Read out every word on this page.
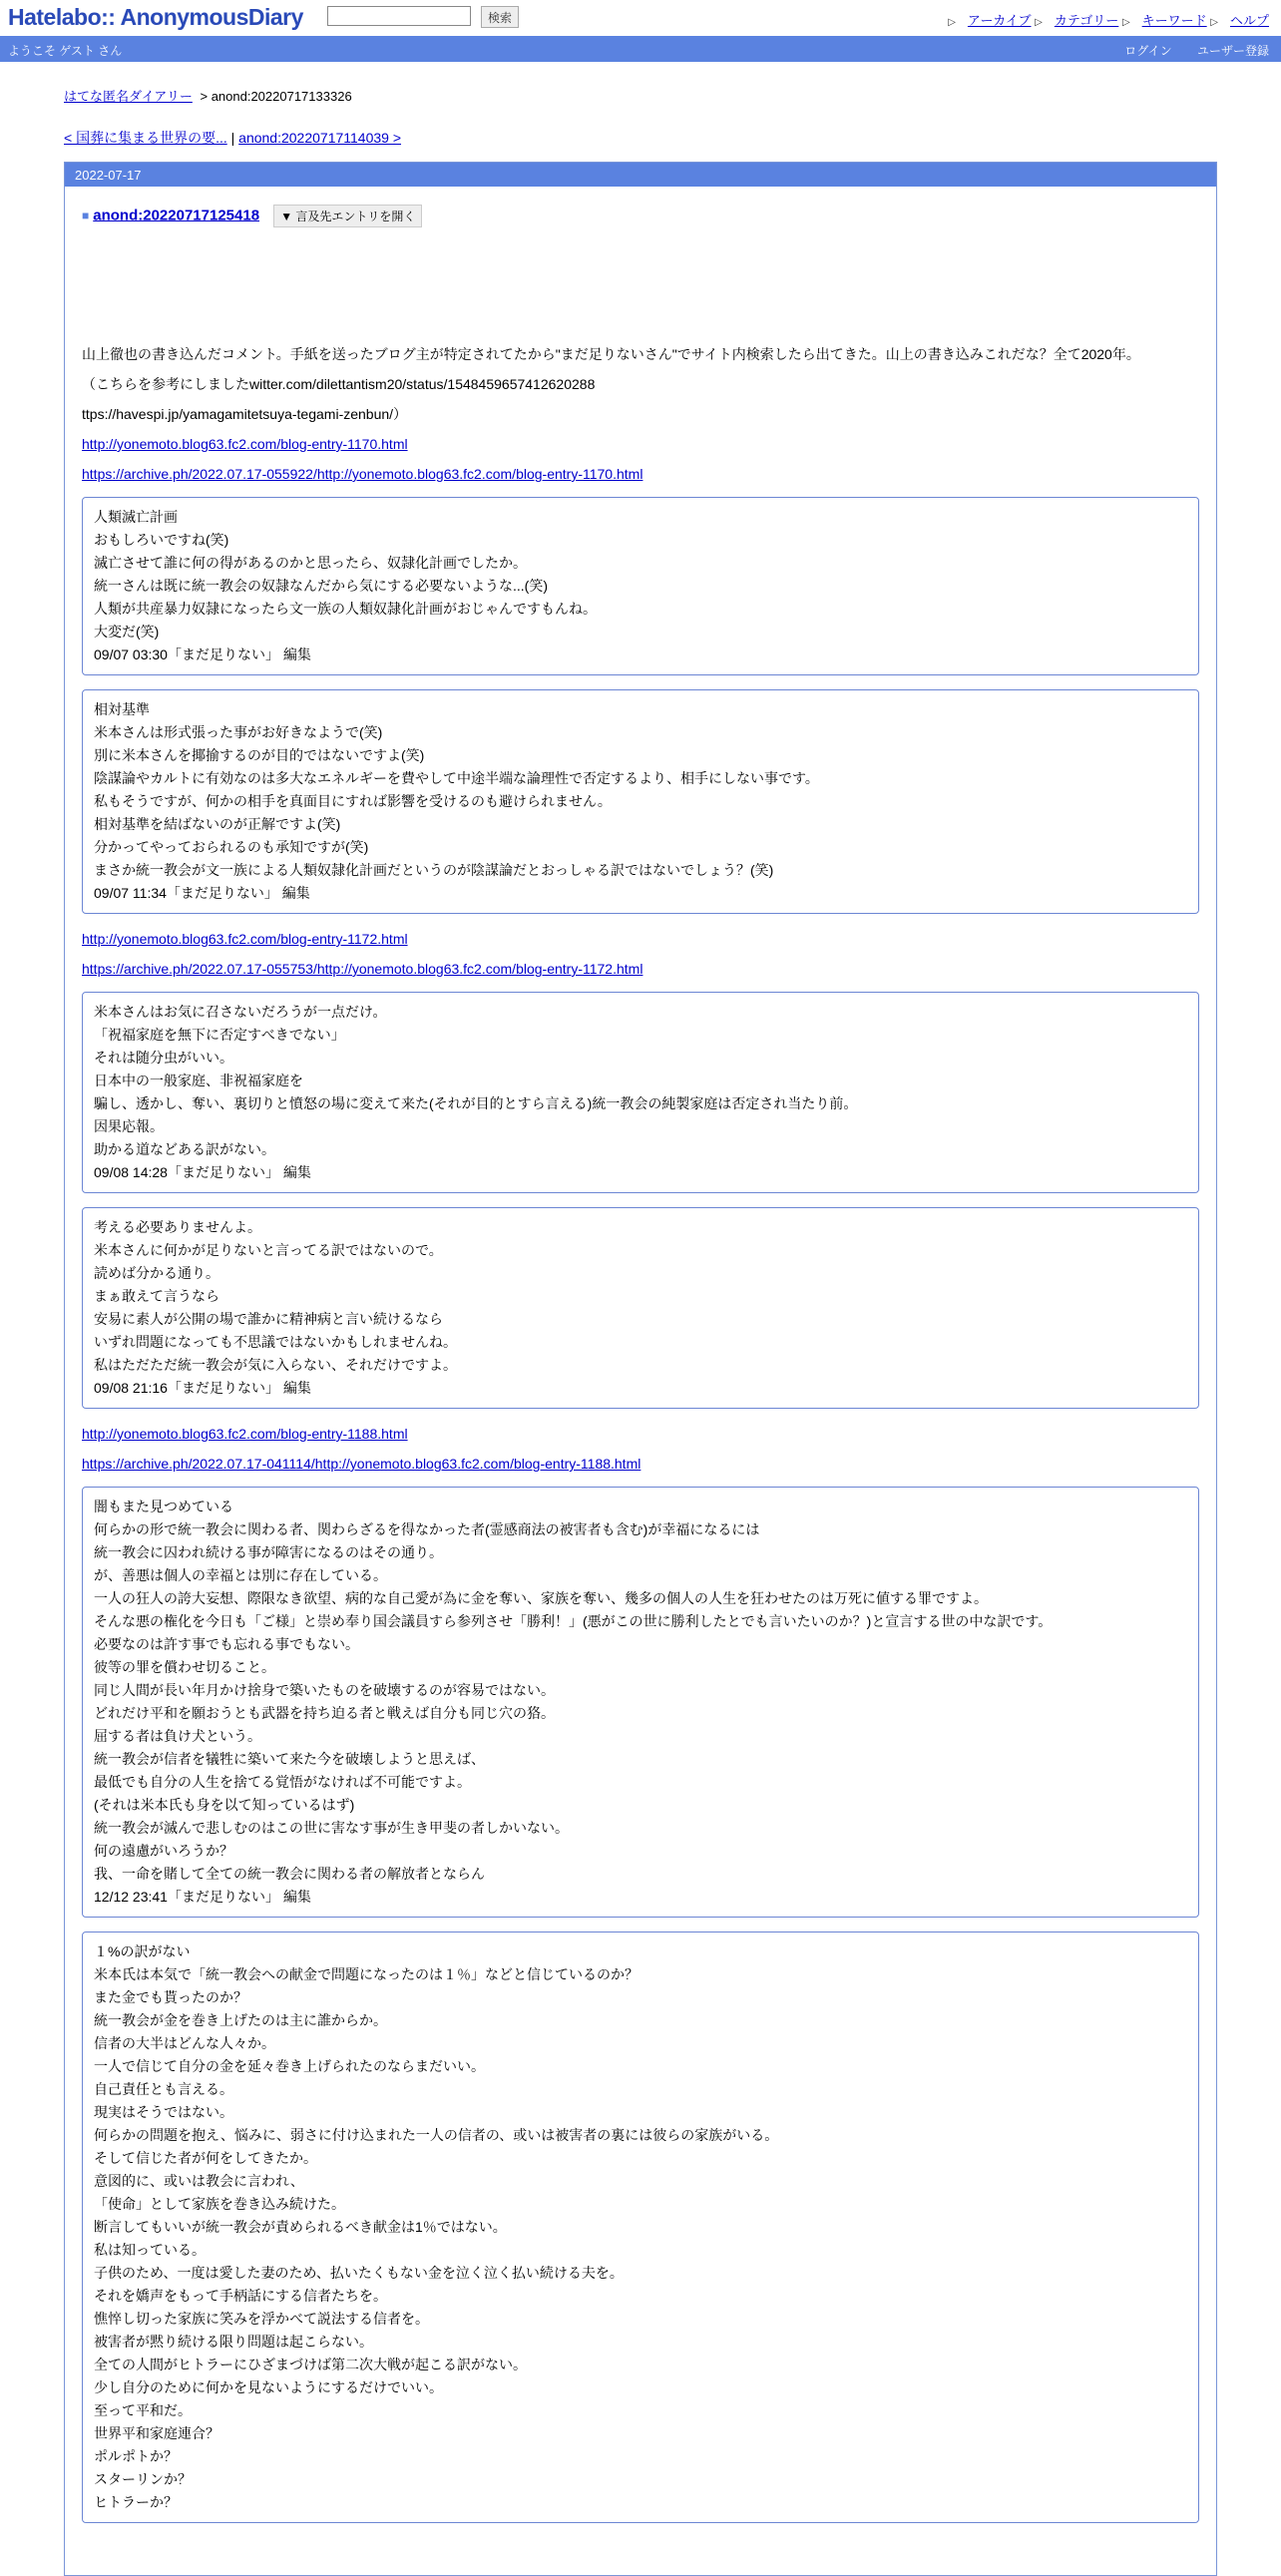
Hatelabo:: AnonymousDiary	検索	▷ アーカイブ ▷ カテゴリー ▷ キーワード ▷ ヘルプ
ようこそ ゲスト さん	ログイン ユーザー登録
はてな匿名ダイアリー > anond:20220717133326
< 国葬に集まる世界の要... | anond:20220717114039 >
2022-07-17
■ anond:20220717125418 ▼ 言及先エントリを開く

山上徹也の書き込んだコメント。手紙を送ったブログ主が特定されてたから"まだ足りないさん"でサイト内検索したら出てきた。山上の書き込みこれだな？全て2020年。

（こちらを参考にしましたwitter.com/dilettantism20/status/1548459657412620288

ttps://havespi.jp/yamagamitetsuya-tegami-zenbun/）

http://yonemoto.blog63.fc2.com/blog-entry-1170.html

https://archive.ph/2022.07.17-055922/http://yonemoto.blog63.fc2.com/blog-entry-1170.html

人類滅亡計画
おもしろいですね(笑)
滅亡させて誰に何の得があるのかと思ったら、奴隷化計画でしたか。
統一さんは既に統一教会の奴隷なんだから気にする必要ないような...(笑)
人類が共産暴力奴隷になったら文一族の人類奴隷化計画がおじゃんですもんね。
大変だ(笑)
09/07 03:30「まだ足りない」 編集
相対基準
米本さんは形式張った事がお好きなようで(笑)
別に米本さんを揶揄するのが目的ではないですよ(笑)
陰謀論やカルトに有効なのは多大なエネルギーを費やして中途半端な論理性で否定するより、相手にしない事です。
私もそうですが、何かの相手を真面目にすれば影響を受けるのも避けられません。
相対基準を結ばないのが正解ですよ(笑)
分かってやっておられるのも承知ですが(笑)
まさか統一教会が文一族による人類奴隷化計画だというのが陰謀論だとおっしゃる訳ではないでしょう？(笑)
09/07 11:34「まだ足りない」 編集

http://yonemoto.blog63.fc2.com/blog-entry-1172.html

https://archive.ph/2022.07.17-055753/http://yonemoto.blog63.fc2.com/blog-entry-1172.html

米本さんはお気に召さないだろうが一点だけ。
「祝福家庭を無下に否定すべきでない」
それは随分虫がいい。
日本中の一般家庭、非祝福家庭を
騙し、透かし、奪い、裏切りと憤怒の場に変えて来た(それが目的とすら言える)統一教会の純製家庭は否定され当たり前。
因果応報。
助かる道などある訳がない。
09/08 14:28「まだ足りない」 編集
考える必要ありませんよ。
米本さんに何かが足りないと言ってる訳ではないので。
読めば分かる通り。
まぁ敢えて言うなら
安易に素人が公開の場で誰かに精神病と言い続けるなら
いずれ問題になっても不思議ではないかもしれませんね。
私はただただ統一教会が気に入らない、それだけですよ。
09/08 21:16「まだ足りない」 編集

http://yonemoto.blog63.fc2.com/blog-entry-1188.html

https://archive.ph/2022.07.17-041114/http://yonemoto.blog63.fc2.com/blog-entry-1188.html

闇もまた見つめている
何らかの形で統一教会に関わる者、関わらざるを得なかった者(霊感商法の被害者も含む)が幸福になるには
統一教会に囚われ続ける事が障害になるのはその通り。
が、善悪は個人の幸福とは別に存在している。
一人の狂人の誇大妄想、際限なき欲望、病的な自己愛が為に金を奪い、家族を奪い、幾多の個人の人生を狂わせたのは万死に値する罪ですよ。
そんな悪の権化を今日も「ご様」と崇め奉り国会議員すら参列させ「勝利！」(悪がこの世に勝利したとでも言いたいのか？)と宣言する世の中な訳です。
必要なのは許す事でも忘れる事でもない。
彼等の罪を償わせ切ること。
同じ人間が長い年月かけ捨身で築いたものを破壊するのが容易ではない。
どれだけ平和を願おうとも武器を持ち迫る者と戦えば自分も同じ穴の狢。
屈する者は負け犬という。
統一教会が信者を犠牲に築いて来た今を破壊しようと思えば、
最低でも自分の人生を捨てる覚悟がなければ不可能ですよ。
(それは米本氏も身を以て知っているはず)
統一教会が滅んで悲しむのはこの世に害なす事が生き甲斐の者しかいない。
何の遠慮がいろうか？
我、一命を賭して全ての統一教会に関わる者の解放者とならん
12/12 23:41「まだ足りない」 編集
１%の訳がない
米本氏は本気で「統一教会への献金で問題になったのは１％」などと信じているのか？
また金でも貰ったのか？
統一教会が金を巻き上げたのは主に誰からか。
信者の大半はどんな人々か。
一人で信じて自分の金を延々巻き上げられたのならまだいい。
自己責任とも言える。
現実はそうではない。
何らかの問題を抱え、悩みに、弱さに付け込まれた一人の信者の、或いは被害者の裏には彼らの家族がいる。
そして信じた者が何をしてきたか。
意図的に、或いは教会に言われ、
「使命」として家族を巻き込み続けた。
断言してもいいが統一教会が責められるべき献金は1％ではない。
私は知っている。
子供のため、一度は愛した妻のため、払いたくもない金を泣く泣く払い続ける夫を。
それを嬌声をもって手柄話にする信者たちを。
憔悴し切った家族に笑みを浮かべて説法する信者を。
被害者が黙り続ける限り問題は起こらない。
全ての人間がヒトラーにひざまづけば第二次大戦が起こる訳がない。
少し自分のために何かを見ないようにするだけでいい。
至って平和だ。
世界平和家庭連合？
ポルポトか？
スターリンか？
ヒトラーか？
